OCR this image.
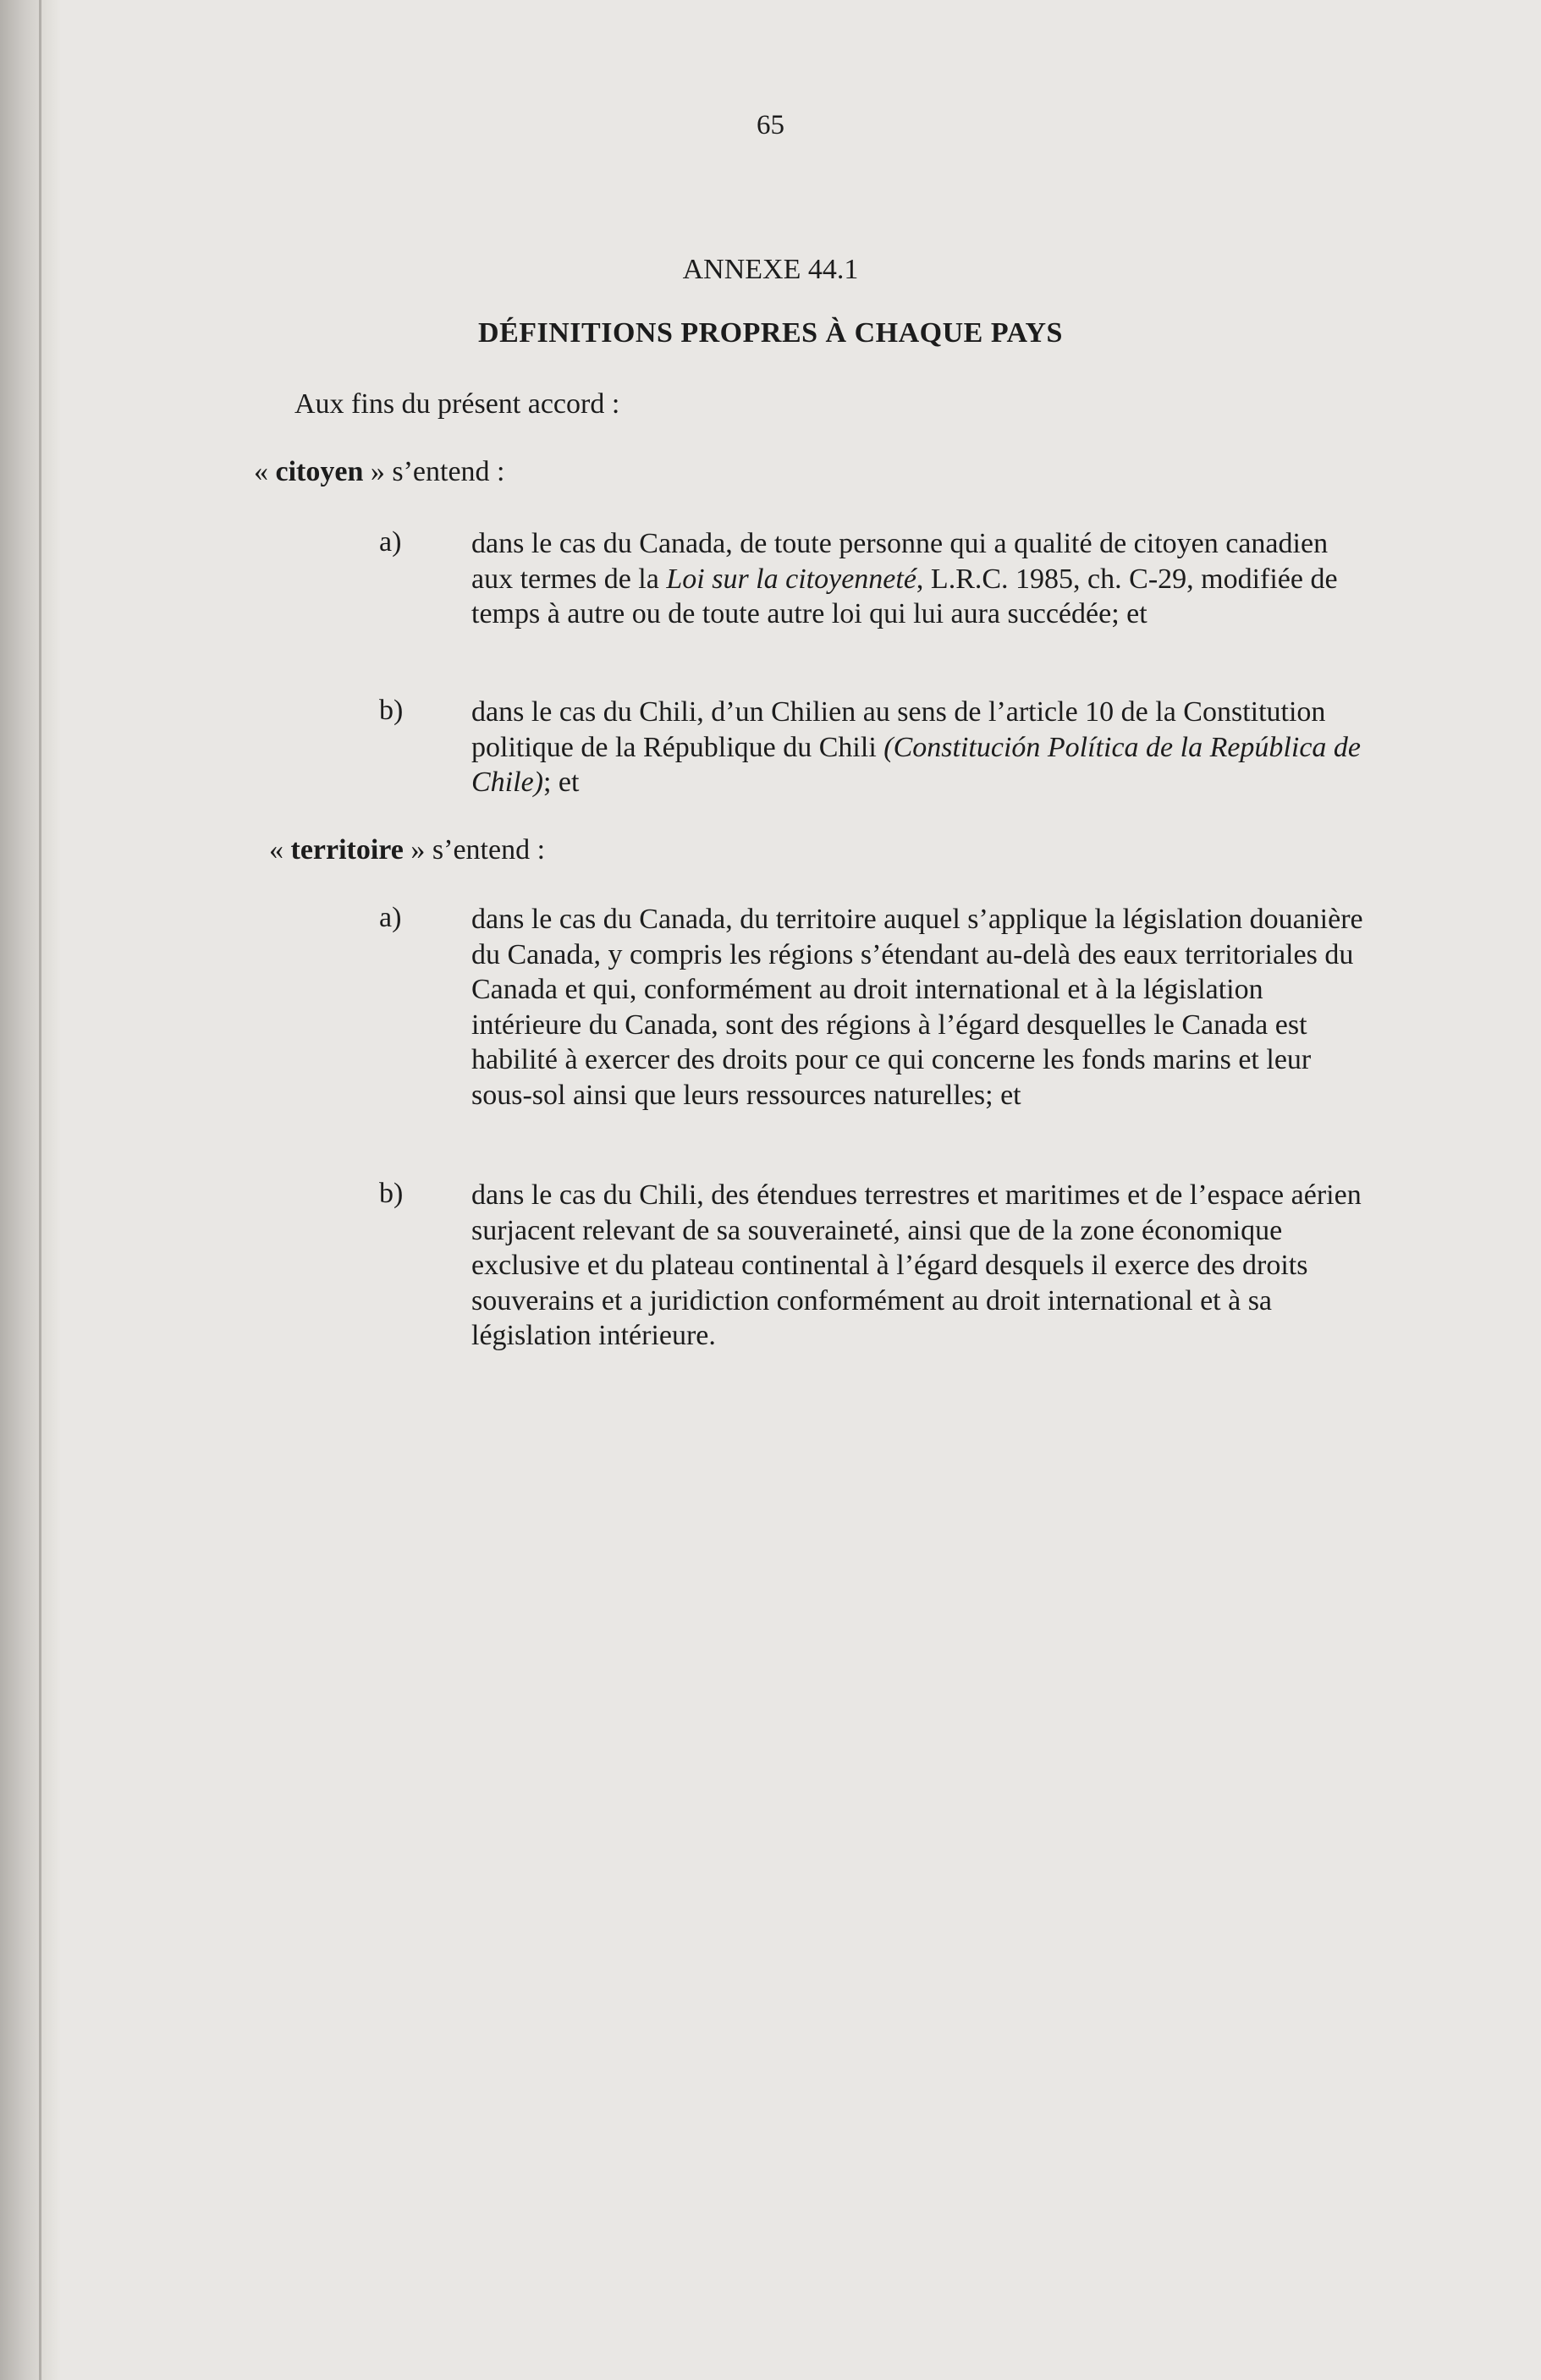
65
ANNEXE 44.1
DÉFINITIONS PROPRES À CHAQUE PAYS
Aux fins du présent accord :
« citoyen » s’entend :
a) dans le cas du Canada, de toute personne qui a qualité de citoyen canadien aux termes de la Loi sur la citoyenneté, L.R.C. 1985, ch. C-29, modifiée de temps à autre ou de toute autre loi qui lui aura succédée; et
b) dans le cas du Chili, d’un Chilien au sens de l’article 10 de la Constitution politique de la République du Chili (Constitución Política de la República de Chile); et
« territoire » s’entend :
a) dans le cas du Canada, du territoire auquel s’applique la législation douanière du Canada, y compris les régions s’étendant au-delà des eaux territoriales du Canada et qui, conformément au droit international et à la législation intérieure du Canada, sont des régions à l’égard desquelles le Canada est habilité à exercer des droits pour ce qui concerne les fonds marins et leur sous-sol ainsi que leurs ressources naturelles; et
b) dans le cas du Chili, des étendues terrestres et maritimes et de l’espace aérien surjacent relevant de sa souveraineté, ainsi que de la zone économique exclusive et du plateau continental à l’égard desquels il exerce des droits souverains et a juridiction conformément au droit international et à sa législation intérieure.
